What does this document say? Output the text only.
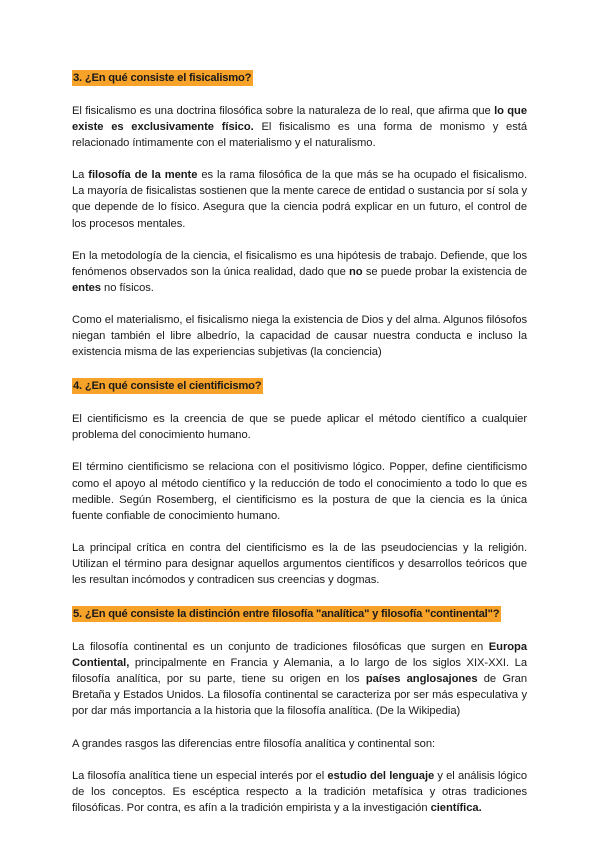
3. ¿En qué consiste el fisicalismo?

El fisicalismo es una doctrina filosófica sobre la naturaleza de lo real, que afirma que lo que existe es exclusivamente físico. El fisicalismo es una forma de monismo y está relacionado íntimamente con el materialismo y el naturalismo.

La filosofía de la mente es la rama filosófica de la que más se ha ocupado el fisicalismo. La mayoría de fisicalistas sostienen que la mente carece de entidad o sustancia por sí sola y que depende de lo físico. Asegura que la ciencia podrá explicar en un futuro, el control de los procesos mentales.

En la metodología de la ciencia, el fisicalismo es una hipótesis de trabajo. Defiende, que los fenómenos observados son la única realidad, dado que no se puede probar la existencia de entes no físicos.

Como el materialismo, el fisicalismo niega la existencia de Dios y del alma. Algunos filósofos niegan también el libre albedrío, la capacidad de causar nuestra conducta e incluso la existencia misma de las experiencias subjetivas (la conciencia)

4. ¿En qué consiste el cientificismo?

El cientificismo es la creencia de que se puede aplicar el método científico a cualquier problema del conocimiento humano.

El término cientificismo se relaciona con el positivismo lógico. Popper, define cientificismo como el apoyo al método científico y la reducción de todo el conocimiento a todo lo que es medible. Según Rosemberg, el cientificismo es la postura de que la ciencia es la única fuente confiable de conocimiento humano.

La principal crítica en contra del cientificismo es la de las pseudociencias y la religión. Utilizan el término para designar aquellos argumentos científicos y desarrollos teóricos que les resultan incómodos y contradicen sus creencias y dogmas.

5. ¿En qué consiste la distinción entre filosofía "analítica" y filosofía "continental"?

La filosofía continental es un conjunto de tradiciones filosóficas que surgen en Europa Contiental, principalmente en Francia y Alemania, a lo largo de los siglos XIX-XXI. La filosofía analítica, por su parte, tiene su origen en los países anglosajones de Gran Bretaña y Estados Unidos. La filosofía continental se caracteriza por ser más especulativa y por dar más importancia a la historia que la filosofía analítica. (De la Wikipedia)

A grandes rasgos las diferencias entre filosofía analítica y continental son:

La filosofía analítica tiene un especial interés por el estudio del lenguaje y el análisis lógico de los conceptos. Es escéptica respecto a la tradición metafísica y otras tradiciones filosóficas. Por contra, es afín a la tradición empirista y a la investigación científica.
